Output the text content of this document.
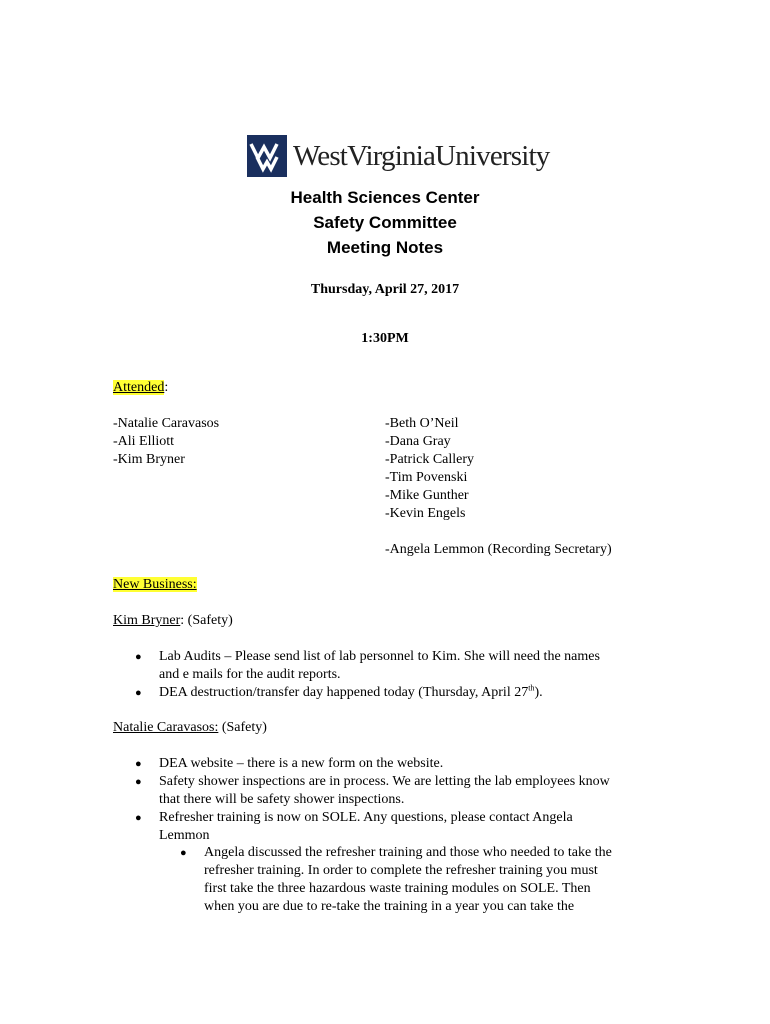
WestVirginiaUniversity
Health Sciences Center
Safety Committee
Meeting Notes
Thursday, April 27, 2017
1:30PM
Attended:
-Natalie Caravasos
-Ali Elliott
-Kim Bryner
-Beth O’Neil
-Dana Gray
-Patrick Callery
-Tim Povenski
-Mike Gunther
-Kevin Engels
-Angela Lemmon (Recording Secretary)
New Business:
Kim Bryner: (Safety)
● Lab Audits – Please send list of lab personnel to Kim. She will need the names
and e mails for the audit reports.
● DEA destruction/transfer day happened today (Thursday, April 27th).
Natalie Caravasos: (Safety)
● DEA website – there is a new form on the website.
● Safety shower inspections are in process. We are letting the lab employees know
that there will be safety shower inspections.
● Refresher training is now on SOLE. Any questions, please contact Angela
Lemmon
● Angela discussed the refresher training and those who needed to take the
refresher training. In order to complete the refresher training you must
first take the three hazardous waste training modules on SOLE. Then
when you are due to re-take the training in a year you can take the
